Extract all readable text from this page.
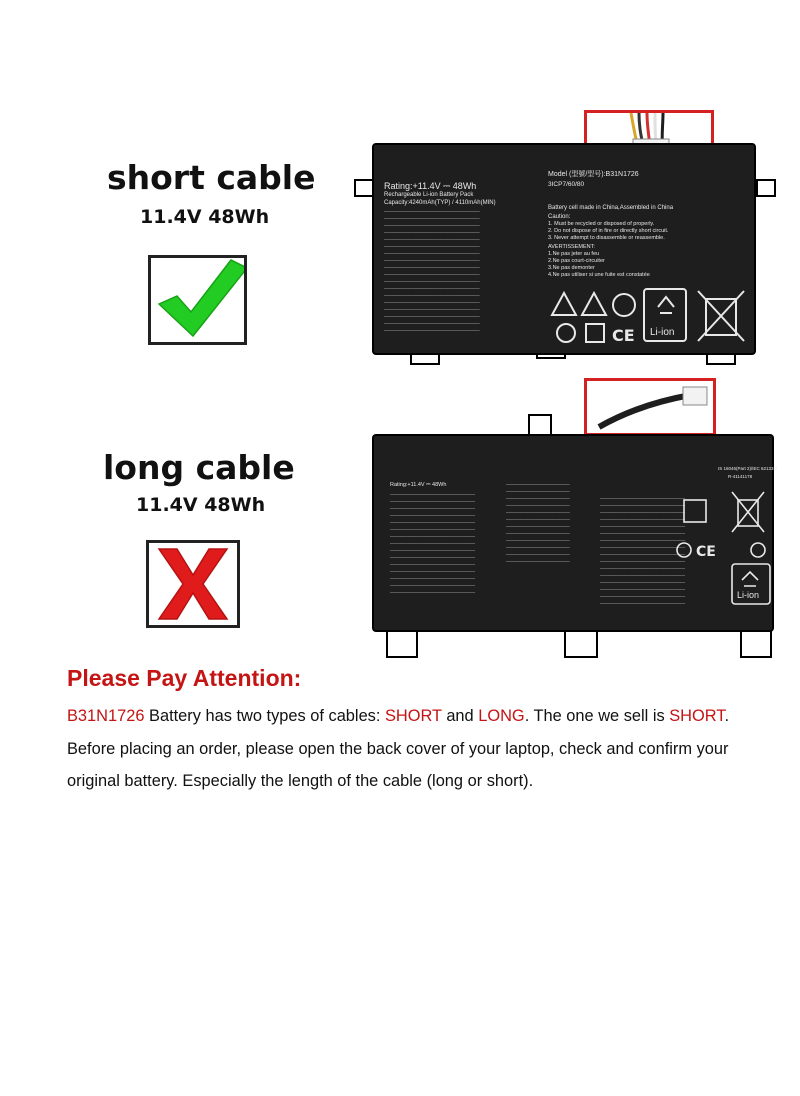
short cable
11.4V 48Wh
Rating:+11.4V ⎓ 48Wh
Rechargeable Li-ion Battery Pack
Capacity:4240mAh(TYP) / 4110mAh(MIN)
───────────────────────────
───────────────────────────
───────────────────────────
───────────────────────────
───────────────────────────
───────────────────────────
───────────────────────────
───────────────────────────
───────────────────────────
───────────────────────────
───────────────────────────
───────────────────────────
───────────────────────────
───────────────────────────
───────────────────────────
───────────────────────────
───────────────────────────
───────────────────────────
Model (型號/型号):B31N1726
3ICP7/60/80
Battery cell made in China,Assembled in China
Caution:
1. Must be recycled or disposed of properly.
2. Do not dispose of in fire or directly short circuit.
3. Never attempt to disassemble or reassemble.
AVERTISSEMENT:
1.Ne pas jeter au feu
2.Ne pas court-circuiter
3.Ne pas demonter
4.Ne pas utiliser si une fuite est constatée
CE Li-ion
long cable
11.4V 48Wh
Rating:+11.4V ⎓ 48Wh
────────────────────────
────────────────────────
────────────────────────
────────────────────────
────────────────────────
────────────────────────
────────────────────────
────────────────────────
────────────────────────
────────────────────────
────────────────────────
────────────────────────
────────────────────────
────────────────────────
────────────────────────
──────────────────
──────────────────
──────────────────
──────────────────
──────────────────
──────────────────
──────────────────
──────────────────
──────────────────
──────────────────
──────────────────
──────────────────
────────────────────────
────────────────────────
────────────────────────
────────────────────────
────────────────────────
────────────────────────
────────────────────────
────────────────────────
────────────────────────
────────────────────────
────────────────────────
────────────────────────
────────────────────────
────────────────────────
────────────────────────
────────────────────────
IS 16046(Part 2)/IEC 62133-2
R-41141178
CE
Li-ion
Please Pay Attention:
B31N1726 Battery has two types of cables: SHORT and LONG. The one we sell is SHORT.
Before placing an order, please open the back cover of your laptop, check and confirm your
original battery. Especially the length of the cable (long or short).
